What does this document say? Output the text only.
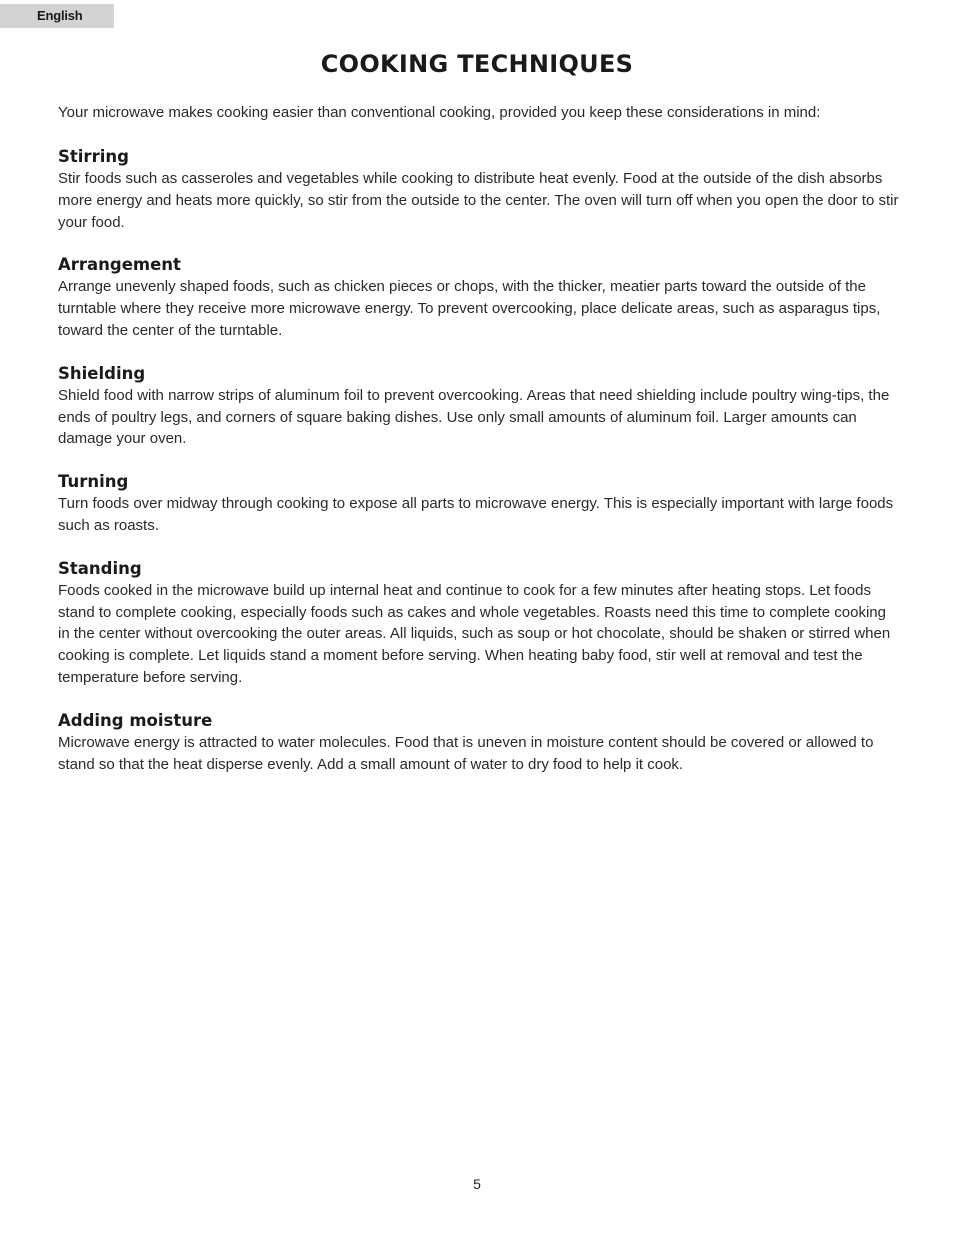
English
COOKING TECHNIQUES

Your microwave makes cooking easier than conventional cooking, provided you keep these considerations in mind:

Stirring

Stir foods such as casseroles and vegetables while cooking to distribute heat evenly. Food at the outside of the dish absorbs more energy and heats more quickly, so stir from the outside to the center. The oven will turn off when you open the door to stir your food.

Arrangement

Arrange unevenly shaped foods, such as chicken pieces or chops, with the thicker, meatier parts toward the outside of the turntable where they receive more microwave energy. To prevent overcooking, place delicate areas, such as asparagus tips, toward the center of the turntable.

Shielding

Shield food with narrow strips of aluminum foil to prevent overcooking. Areas that need shielding include poultry wing-tips, the ends of poultry legs, and corners of square baking dishes. Use only small amounts of aluminum foil. Larger amounts can damage your oven.

Turning

Turn foods over midway through cooking to expose all parts to microwave energy. This is especially important with large foods such as roasts.

Standing

Foods cooked in the microwave build up internal heat and continue to cook for a few minutes after heating stops. Let foods stand to complete cooking, especially foods such as cakes and whole vegetables. Roasts need this time to complete cooking in the center without overcooking the outer areas. All liquids, such as soup or hot chocolate, should be shaken or stirred when cooking is complete. Let liquids stand a moment before serving. When heating baby food, stir well at removal and test the temperature before serving.

Adding moisture

Microwave energy is attracted to water molecules. Food that is uneven in moisture content should be covered or allowed to stand so that the heat disperse evenly. Add a small amount of water to dry food to help it cook.

5
